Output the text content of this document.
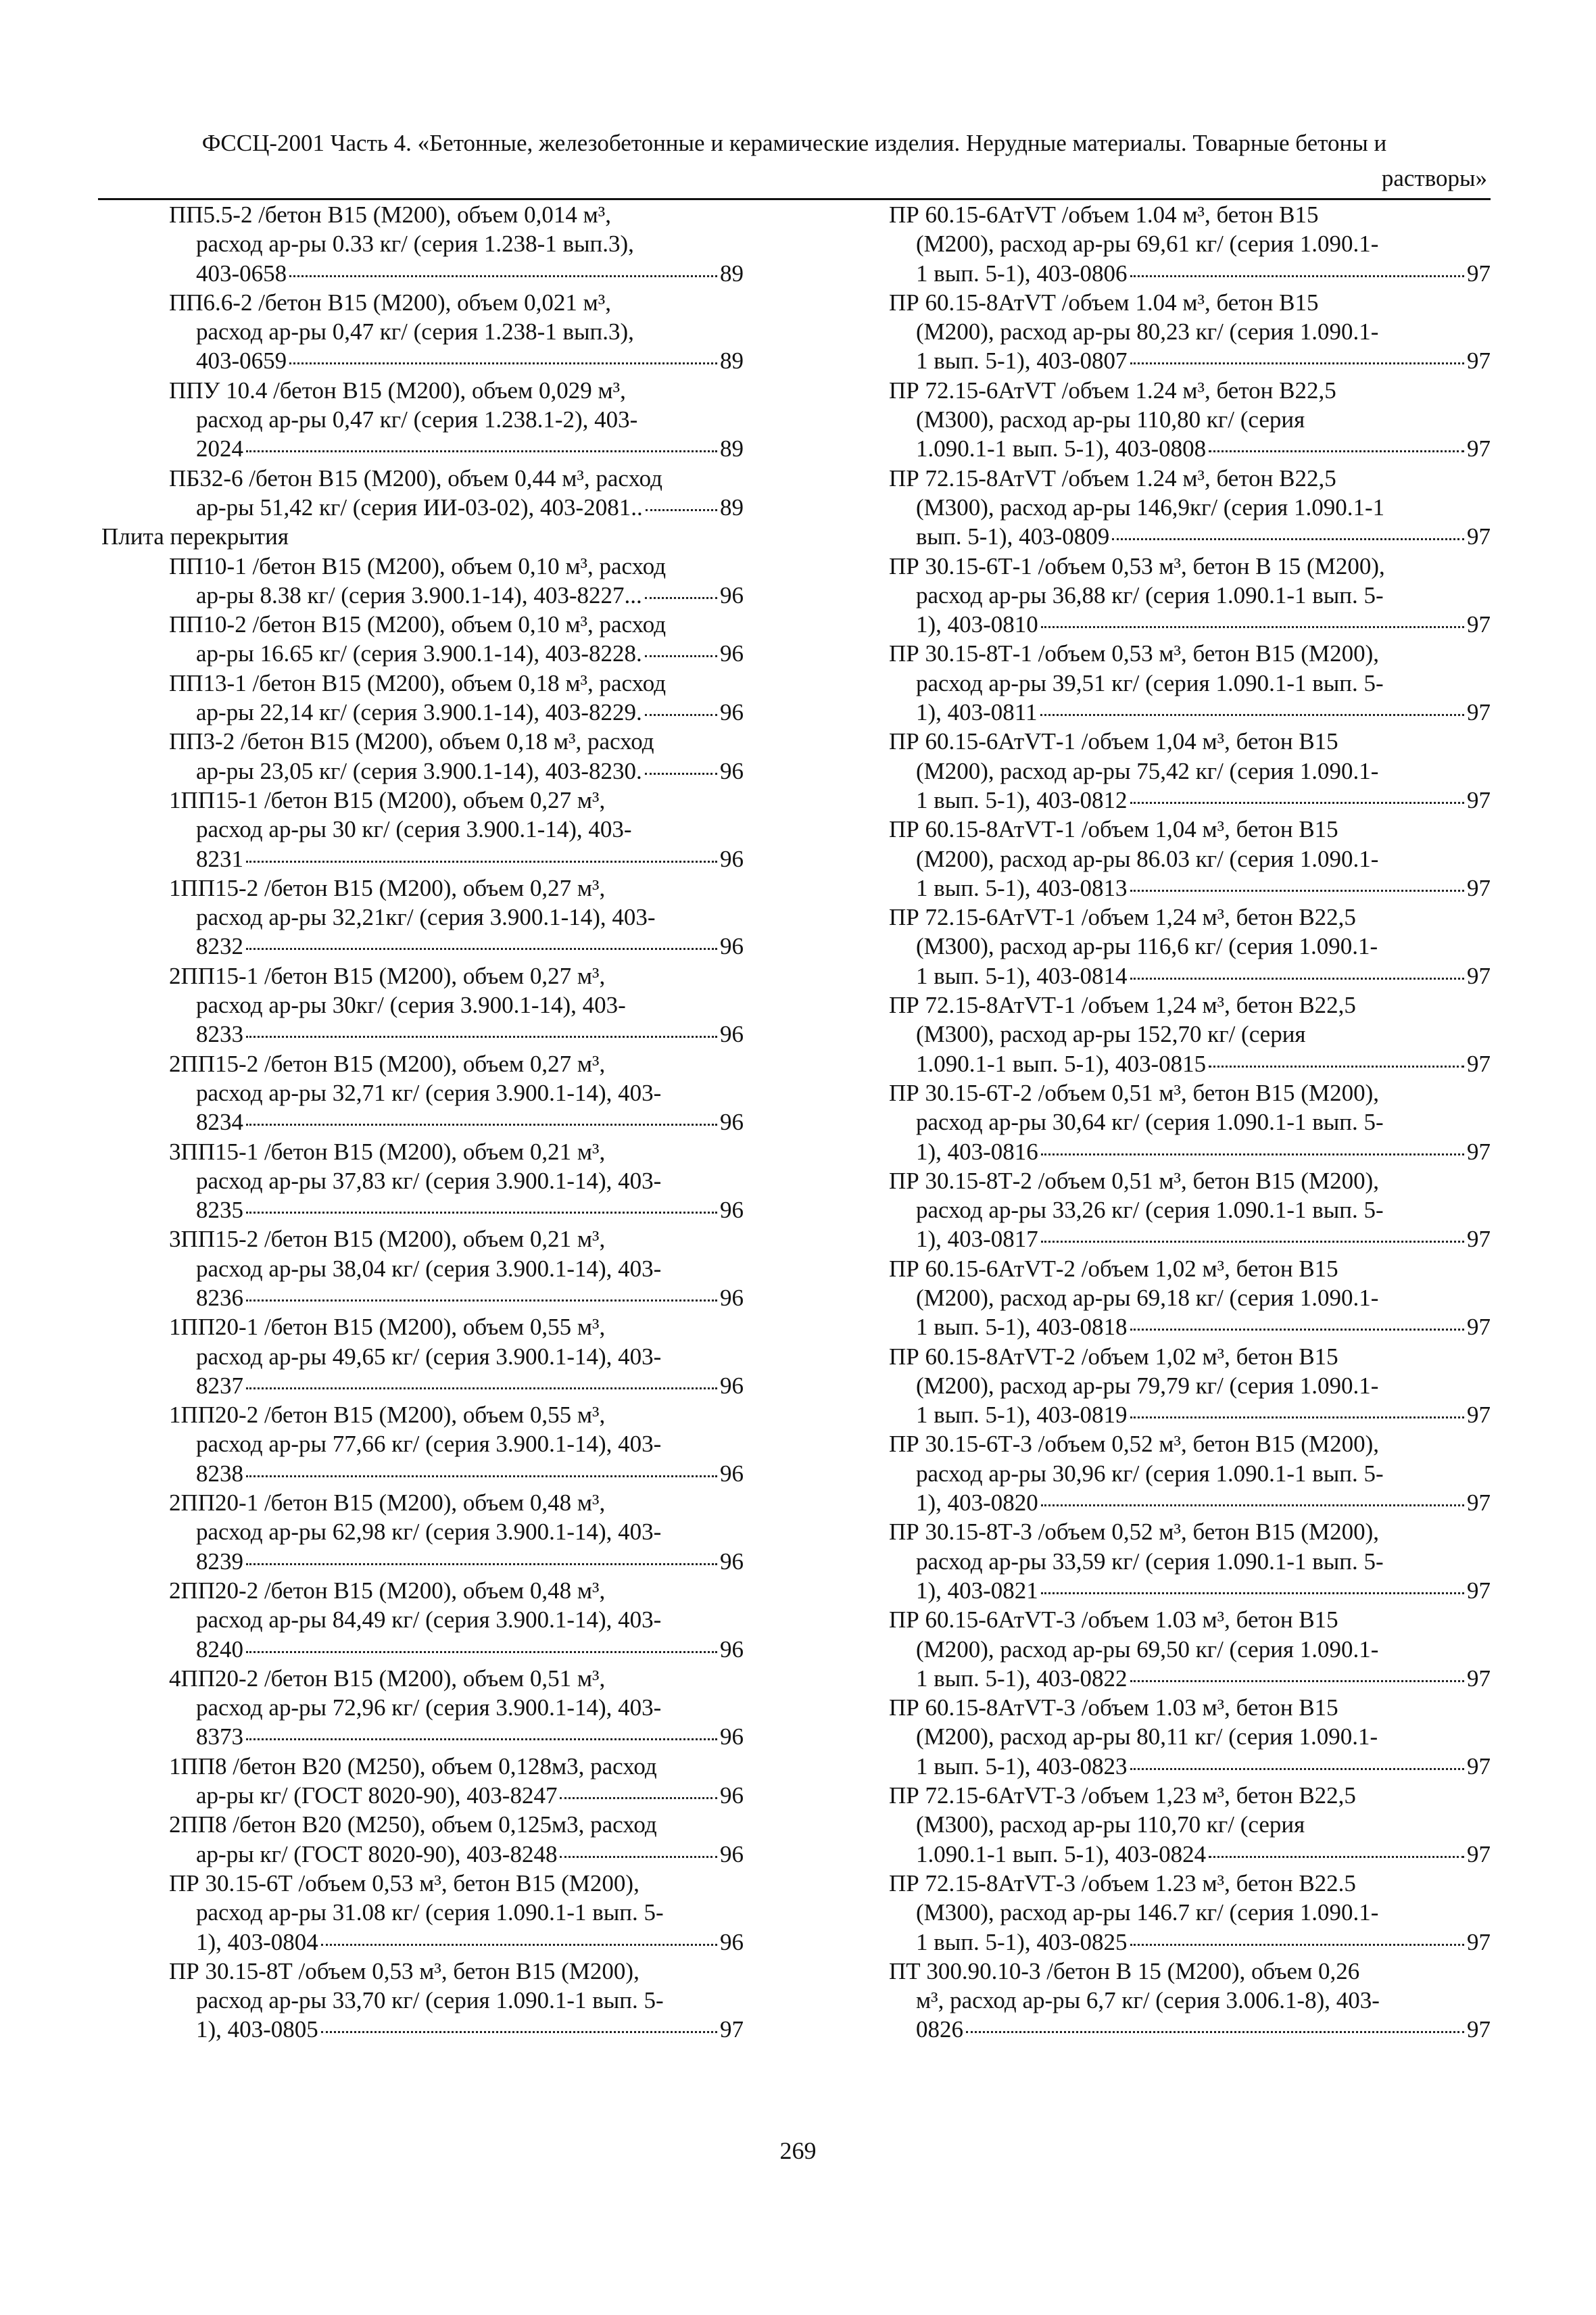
ФССЦ-2001 Часть 4. «Бетонные, железобетонные и керамические изделия. Нерудные материалы. Товарные бетоны и
растворы»
ПП5.5-2 /бетон В15 (М200), объем 0,014 м³,
расход ар-ры 0.33 кг/ (серия 1.238-1 вып.3),
403-0658	89
ПП6.6-2 /бетон В15 (М200), объем 0,021 м³,
расход ар-ры 0,47 кг/ (серия 1.238-1 вып.3),
403-0659	89
ППУ 10.4 /бетон В15 (М200), объем 0,029 м³,
расход ар-ры 0,47 кг/ (серия 1.238.1-2), 403-
2024	89
ПБ32-6 /бетон В15 (М200), объем 0,44 м³, расход
ар-ры 51,42 кг/ (серия ИИ-03-02), 403-2081..	89
Плита перекрытия
ПП10-1 /бетон В15 (М200), объем 0,10 м³, расход
ар-ры 8.38 кг/ (серия 3.900.1-14), 403-8227...	96
ПП10-2 /бетон В15 (М200), объем 0,10 м³, расход
ар-ры 16.65 кг/ (серия 3.900.1-14), 403-8228.	96
ПП13-1 /бетон В15 (М200), объем 0,18 м³, расход
ар-ры 22,14 кг/ (серия 3.900.1-14), 403-8229.	96
ПП3-2 /бетон В15 (М200), объем 0,18 м³, расход
ар-ры 23,05 кг/ (серия 3.900.1-14), 403-8230.	96
1ПП15-1 /бетон В15 (М200), объем 0,27 м³,
расход ар-ры 30 кг/ (серия 3.900.1-14), 403-
8231	96
1ПП15-2 /бетон В15 (М200), объем 0,27 м³,
расход ар-ры 32,21кг/ (серия 3.900.1-14), 403-
8232	96
2ПП15-1 /бетон В15 (М200), объем 0,27 м³,
расход ар-ры 30кг/ (серия 3.900.1-14), 403-
8233	96
2ПП15-2 /бетон В15 (М200), объем 0,27 м³,
расход ар-ры 32,71 кг/ (серия 3.900.1-14), 403-
8234	96
3ПП15-1 /бетон В15 (М200), объем 0,21 м³,
расход ар-ры 37,83 кг/ (серия 3.900.1-14), 403-
8235	96
3ПП15-2 /бетон В15 (М200), объем 0,21 м³,
расход ар-ры 38,04 кг/ (серия 3.900.1-14), 403-
8236	96
1ПП20-1 /бетон В15 (М200), объем 0,55 м³,
расход ар-ры 49,65 кг/ (серия 3.900.1-14), 403-
8237	96
1ПП20-2 /бетон В15 (М200), объем 0,55 м³,
расход ар-ры 77,66 кг/ (серия 3.900.1-14), 403-
8238	96
2ПП20-1 /бетон В15 (М200), объем 0,48 м³,
расход ар-ры 62,98 кг/ (серия 3.900.1-14), 403-
8239	96
2ПП20-2 /бетон В15 (М200), объем 0,48 м³,
расход ар-ры 84,49 кг/ (серия 3.900.1-14), 403-
8240	96
4ПП20-2 /бетон В15 (М200), объем 0,51 м³,
расход ар-ры 72,96 кг/ (серия 3.900.1-14), 403-
8373	96
1ПП8 /бетон В20 (М250), объем 0,128м3, расход
ар-ры кг/ (ГОСТ 8020-90), 403-8247	96
2ПП8 /бетон В20 (М250), объем 0,125м3, расход
ар-ры кг/ (ГОСТ 8020-90), 403-8248	96
ПР 30.15-6Т /объем 0,53 м³, бетон В15 (М200),
расход ар-ры 31.08 кг/ (серия 1.090.1-1 вып. 5-
1), 403-0804	96
ПР 30.15-8Т /объем 0,53 м³, бетон В15 (М200),
расход ар-ры 33,70 кг/ (серия 1.090.1-1 вып. 5-
1), 403-0805	97
ПР 60.15-6АтVТ /объем 1.04 м³, бетон В15
(М200), расход ар-ры 69,61 кг/ (серия 1.090.1-
1 вып. 5-1), 403-0806	97
ПР 60.15-8АтVТ /объем 1.04 м³, бетон В15
(М200), расход ар-ры 80,23 кг/ (серия 1.090.1-
1 вып. 5-1), 403-0807	97
ПР 72.15-6АтVТ /объем 1.24 м³, бетон В22,5
(М300), расход ар-ры 110,80 кг/ (серия
1.090.1-1 вып. 5-1), 403-0808	97
ПР 72.15-8АтVТ /объем 1.24 м³, бетон В22,5
(М300), расход ар-ры 146,9кг/ (серия 1.090.1-1
вып. 5-1), 403-0809	97
ПР 30.15-6Т-1 /объем 0,53 м³, бетон В 15 (М200),
расход ар-ры 36,88 кг/ (серия 1.090.1-1 вып. 5-
1), 403-0810	97
ПР 30.15-8Т-1 /объем 0,53 м³, бетон В15 (М200),
расход ар-ры 39,51 кг/ (серия 1.090.1-1 вып. 5-
1), 403-0811	97
ПР 60.15-6АтVТ-1 /объем 1,04 м³, бетон В15
(М200), расход ар-ры 75,42 кг/ (серия 1.090.1-
1 вып. 5-1), 403-0812	97
ПР 60.15-8АтVТ-1 /объем 1,04 м³, бетон В15
(М200), расход ар-ры 86.03 кг/ (серия 1.090.1-
1 вып. 5-1), 403-0813	97
ПР 72.15-6АтVТ-1 /объем 1,24 м³, бетон В22,5
(М300), расход ар-ры 116,6 кг/ (серия 1.090.1-
1 вып. 5-1), 403-0814	97
ПР 72.15-8АтVТ-1 /объем 1,24 м³, бетон В22,5
(М300), расход ар-ры 152,70 кг/ (серия
1.090.1-1 вып. 5-1), 403-0815	97
ПР 30.15-6Т-2 /объем 0,51 м³, бетон В15 (М200),
расход ар-ры 30,64 кг/ (серия 1.090.1-1 вып. 5-
1), 403-0816	97
ПР 30.15-8Т-2 /объем 0,51 м³, бетон В15 (М200),
расход ар-ры 33,26 кг/ (серия 1.090.1-1 вып. 5-
1), 403-0817	97
ПР 60.15-6АтVТ-2 /объем 1,02 м³, бетон В15
(М200), расход ар-ры 69,18 кг/ (серия 1.090.1-
1 вып. 5-1), 403-0818	97
ПР 60.15-8АтVТ-2 /объем 1,02 м³, бетон В15
(М200), расход ар-ры 79,79 кг/ (серия 1.090.1-
1 вып. 5-1), 403-0819	97
ПР 30.15-6Т-3 /объем 0,52 м³, бетон В15 (М200),
расход ар-ры 30,96 кг/ (серия 1.090.1-1 вып. 5-
1), 403-0820	97
ПР 30.15-8Т-3 /объем 0,52 м³, бетон В15 (М200),
расход ар-ры 33,59 кг/ (серия 1.090.1-1 вып. 5-
1), 403-0821	97
ПР 60.15-6АтVТ-3 /объем 1.03 м³, бетон В15
(М200), расход ар-ры 69,50 кг/ (серия 1.090.1-
1 вып. 5-1), 403-0822	97
ПР 60.15-8АтVТ-3 /объем 1.03 м³, бетон В15
(М200), расход ар-ры 80,11 кг/ (серия 1.090.1-
1 вып. 5-1), 403-0823	97
ПР 72.15-6АтVТ-3 /объем 1,23 м³, бетон В22,5
(М300), расход ар-ры 110,70 кг/ (серия
1.090.1-1 вып. 5-1), 403-0824	97
ПР 72.15-8АтVТ-3 /объем 1.23 м³, бетон В22.5
(М300), расход ар-ры 146.7 кг/ (серия 1.090.1-
1 вып. 5-1), 403-0825	97
ПТ 300.90.10-3 /бетон В 15 (М200), объем 0,26
м³, расход ар-ры 6,7 кг/ (серия 3.006.1-8), 403-
0826	97
269
